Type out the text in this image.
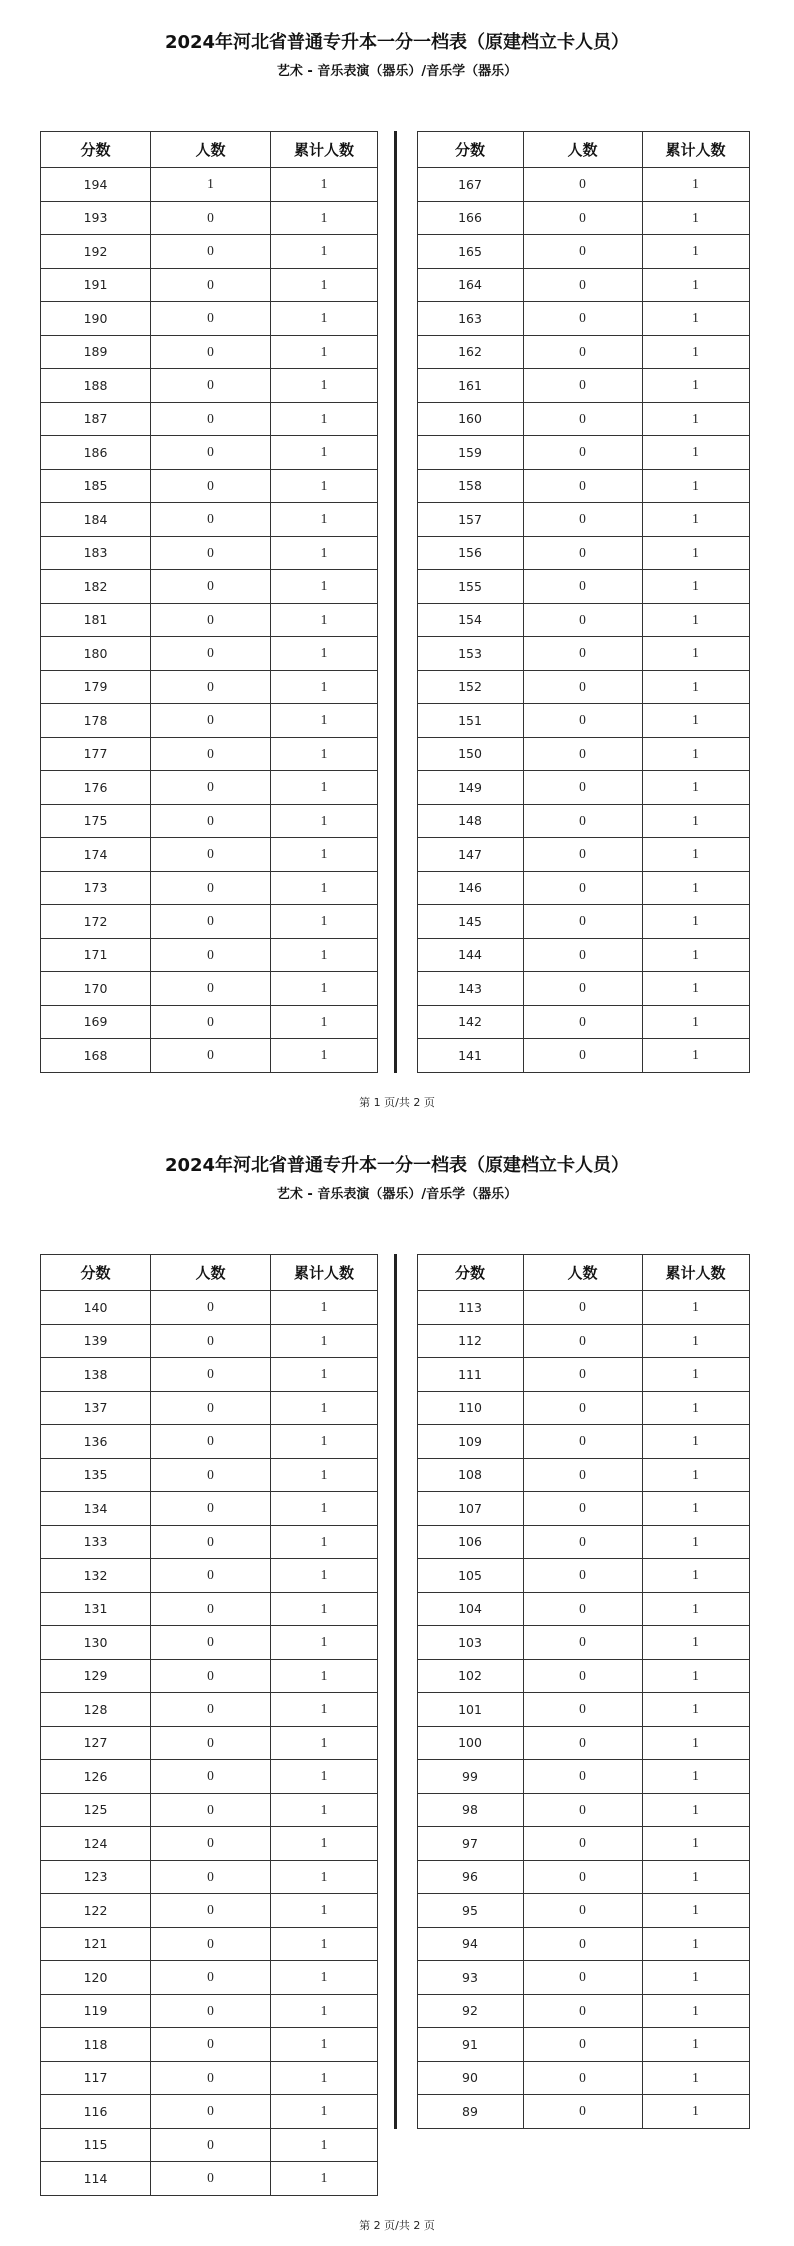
2024年河北省普通专升本一分一档表（原建档立卡人员）
艺术 - 音乐表演（器乐）/音乐学（器乐）
分数	人数	累计人数
194	1	1
193	0	1
192	0	1
191	0	1
190	0	1
189	0	1
188	0	1
187	0	1
186	0	1
185	0	1
184	0	1
183	0	1
182	0	1
181	0	1
180	0	1
179	0	1
178	0	1
177	0	1
176	0	1
175	0	1
174	0	1
173	0	1
172	0	1
171	0	1
170	0	1
169	0	1
168	0	1
分数	人数	累计人数
167	0	1
166	0	1
165	0	1
164	0	1
163	0	1
162	0	1
161	0	1
160	0	1
159	0	1
158	0	1
157	0	1
156	0	1
155	0	1
154	0	1
153	0	1
152	0	1
151	0	1
150	0	1
149	0	1
148	0	1
147	0	1
146	0	1
145	0	1
144	0	1
143	0	1
142	0	1
141	0	1
第 1 页/共 2 页
2024年河北省普通专升本一分一档表（原建档立卡人员）
艺术 - 音乐表演（器乐）/音乐学（器乐）
分数	人数	累计人数
140	0	1
139	0	1
138	0	1
137	0	1
136	0	1
135	0	1
134	0	1
133	0	1
132	0	1
131	0	1
130	0	1
129	0	1
128	0	1
127	0	1
126	0	1
125	0	1
124	0	1
123	0	1
122	0	1
121	0	1
120	0	1
119	0	1
118	0	1
117	0	1
116	0	1
115	0	1
114	0	1
分数	人数	累计人数
113	0	1
112	0	1
111	0	1
110	0	1
109	0	1
108	0	1
107	0	1
106	0	1
105	0	1
104	0	1
103	0	1
102	0	1
101	0	1
100	0	1
99	0	1
98	0	1
97	0	1
96	0	1
95	0	1
94	0	1
93	0	1
92	0	1
91	0	1
90	0	1
89	0	1
第 2 页/共 2 页
